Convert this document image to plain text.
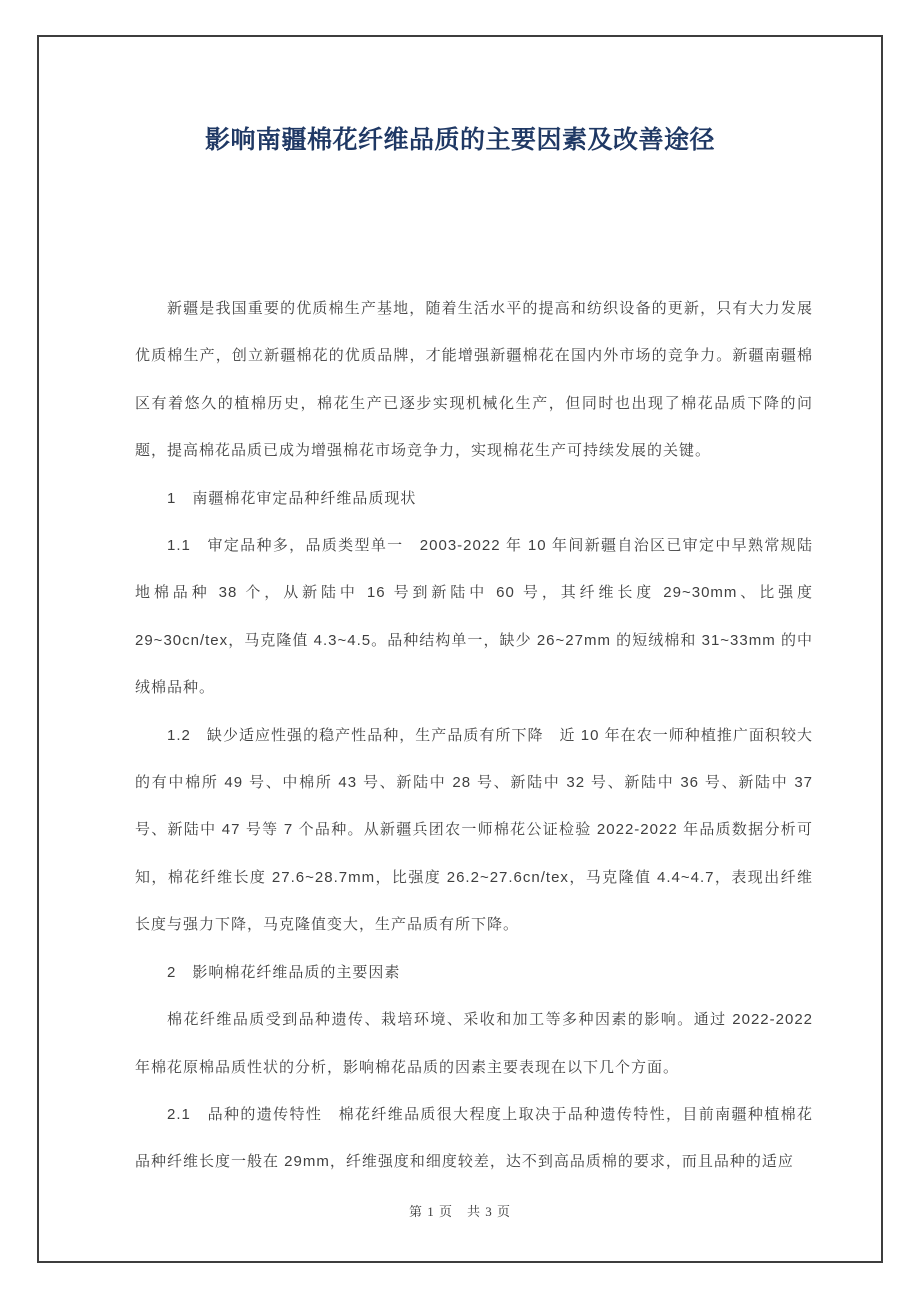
影响南疆棉花纤维品质的主要因素及改善途径

新疆是我国重要的优质棉生产基地，随着生活水平的提高和纺织设备的更新，只有大力发展优质棉生产，创立新疆棉花的优质品牌，才能增强新疆棉花在国内外市场的竞争力。新疆南疆棉区有着悠久的植棉历史，棉花生产已逐步实现机械化生产，但同时也出现了棉花品质下降的问题，提高棉花品质已成为增强棉花市场竞争力，实现棉花生产可持续发展的关键。

1　南疆棉花审定品种纤维品质现状

1.1　审定品种多，品质类型单一　2003-2022 年 10 年间新疆自治区已审定中早熟常规陆地棉品种 38 个，从新陆中 16 号到新陆中 60 号，其纤维长度 29~30mm、比强度 29~30cn/tex，马克隆值 4.3~4.5。品种结构单一，缺少 26~27mm 的短绒棉和 31~33mm 的中绒棉品种。

1.2　缺少适应性强的稳产性品种，生产品质有所下降　近 10 年在农一师种植推广面积较大的有中棉所 49 号、中棉所 43 号、新陆中 28 号、新陆中 32 号、新陆中 36 号、新陆中 37 号、新陆中 47 号等 7 个品种。从新疆兵团农一师棉花公证检验 2022-2022 年品质数据分析可知，棉花纤维长度 27.6~28.7mm，比强度 26.2~27.6cn/tex，马克隆值 4.4~4.7，表现出纤维长度与强力下降，马克隆值变大，生产品质有所下降。

2　影响棉花纤维品质的主要因素

棉花纤维品质受到品种遗传、栽培环境、采收和加工等多种因素的影响。通过 2022-2022 年棉花原棉品质性状的分析，影响棉花品质的因素主要表现在以下几个方面。

2.1　品种的遗传特性　棉花纤维品质很大程度上取决于品种遗传特性，目前南疆种植棉花品种纤维长度一般在 29mm，纤维强度和细度较差，达不到高品质棉的要求，而且品种的适应

第 1 页　共 3 页
